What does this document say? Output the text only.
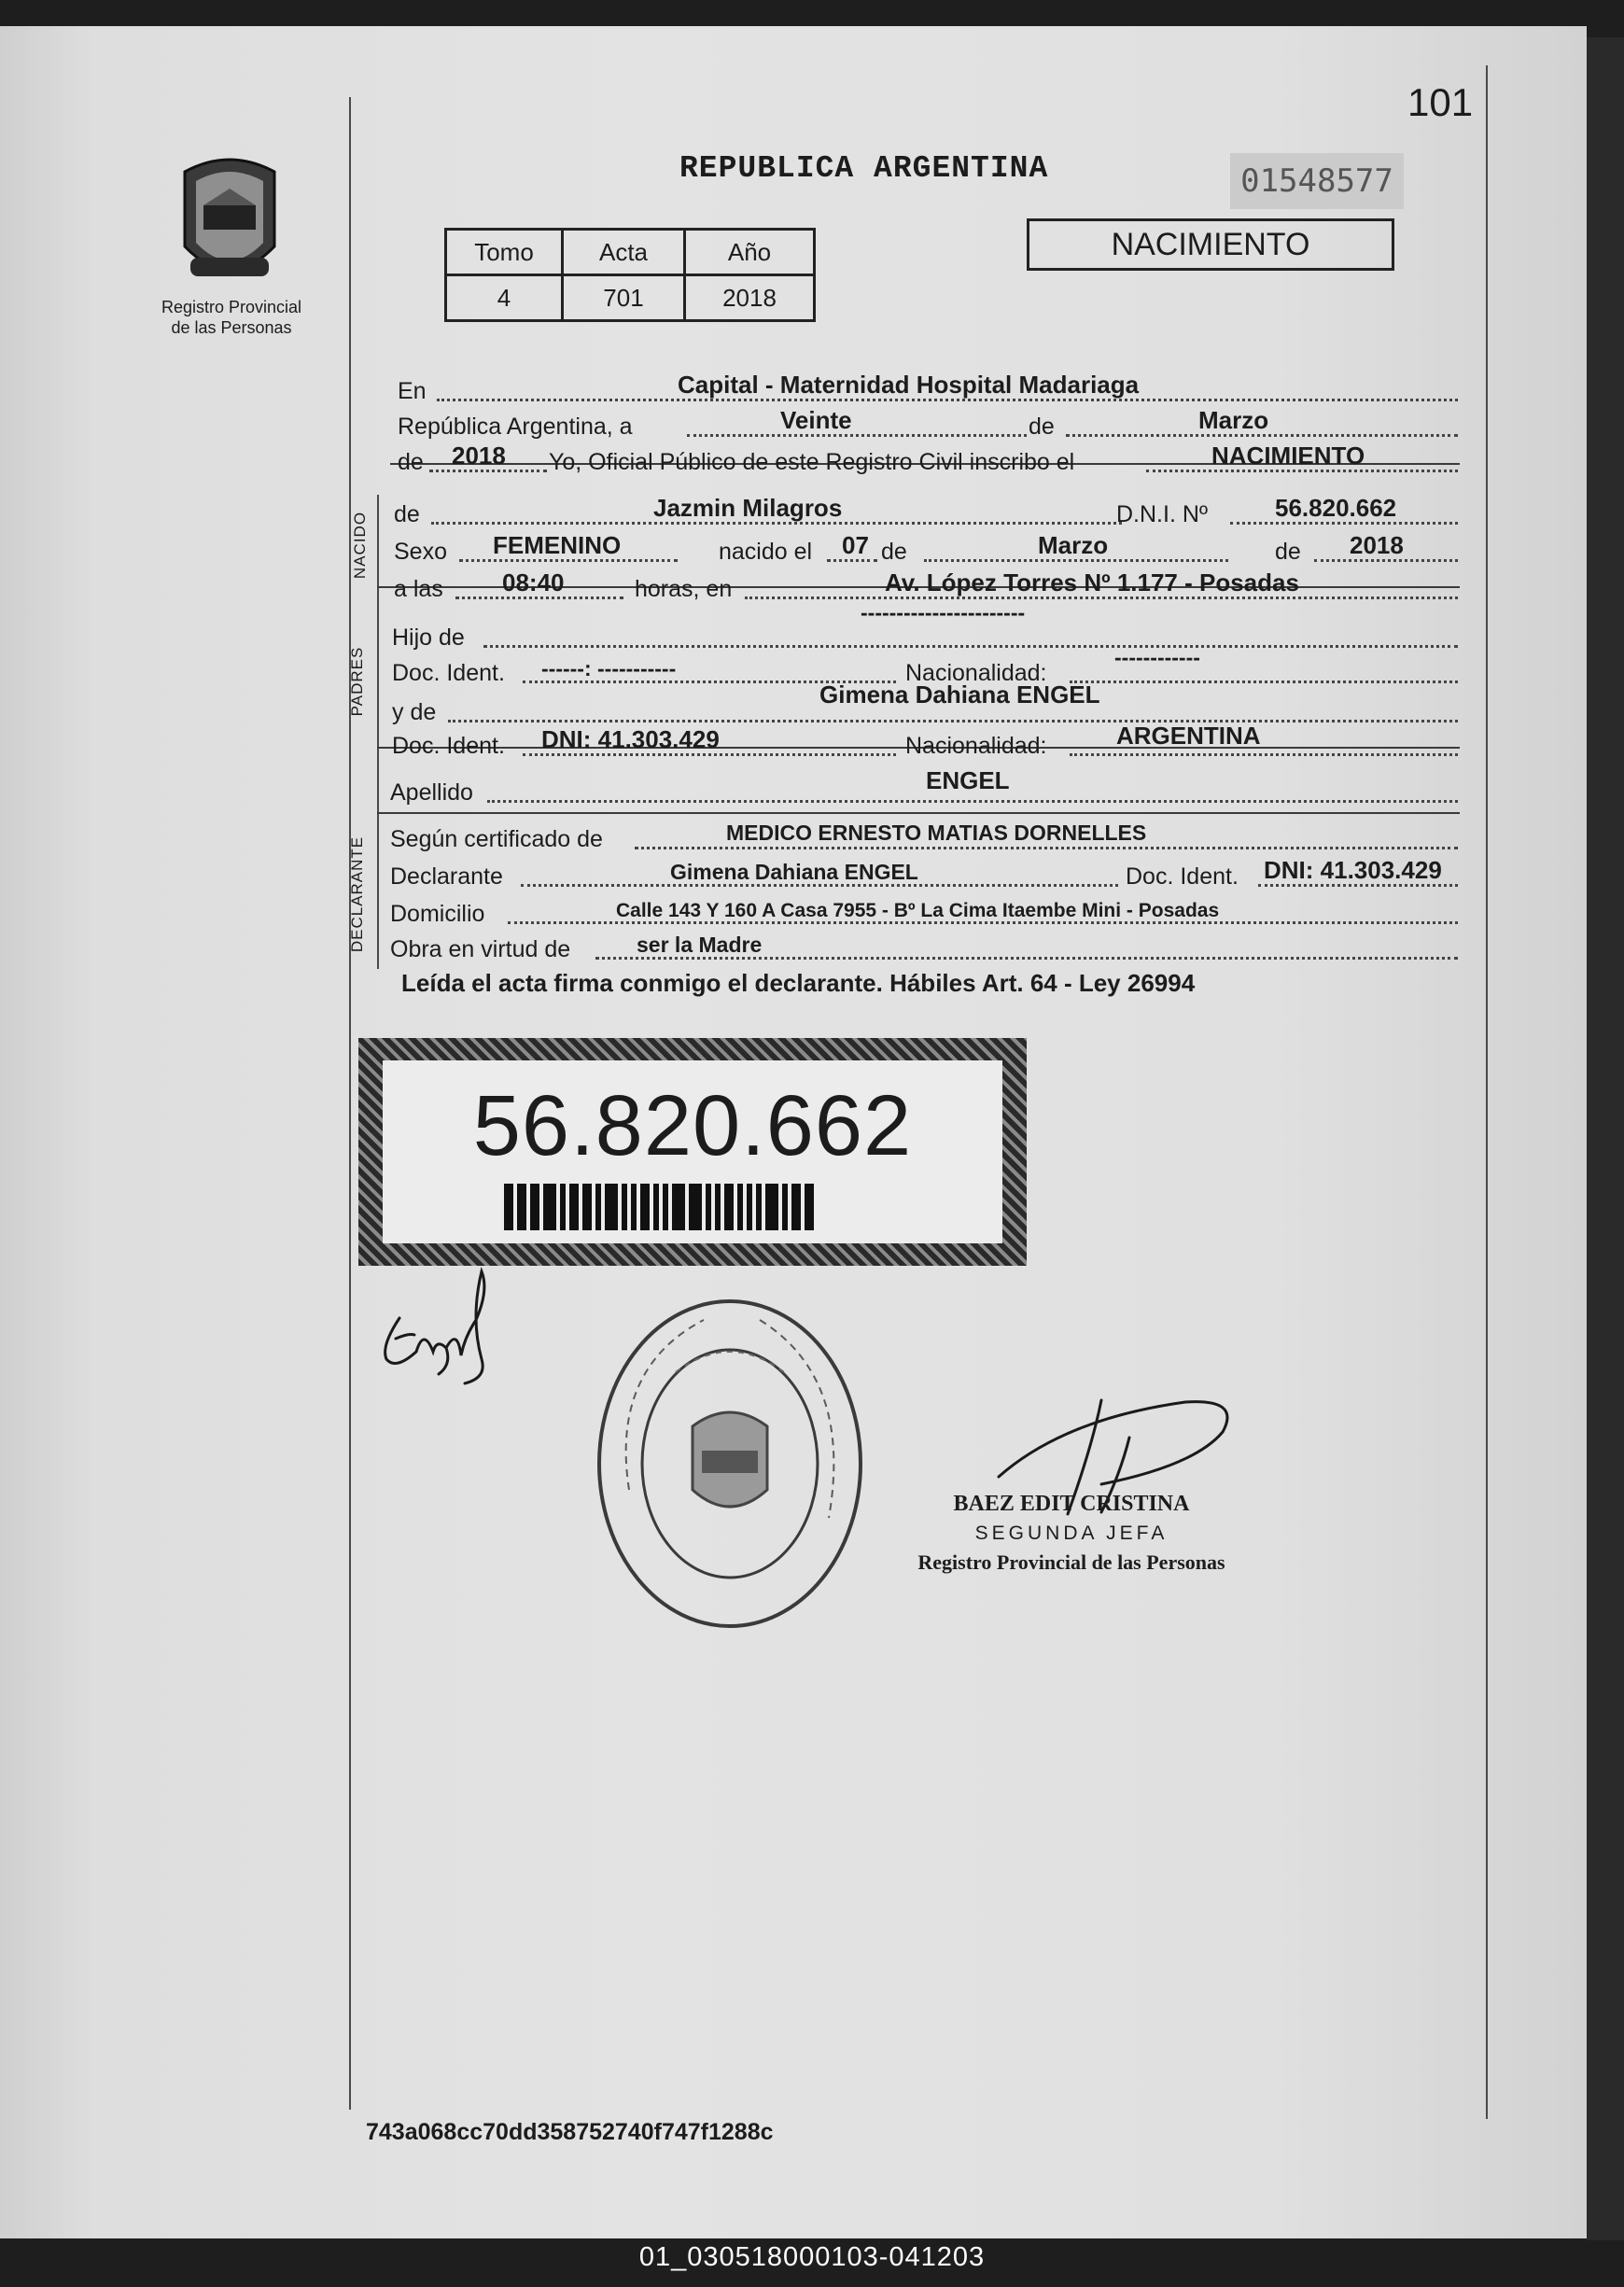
101
Registro Provincial
de las Personas
REPUBLICA ARGENTINA	01548577
NACIMIENTO
Tomo	Acta	Año
4	701	2018
NACIDO
PADRES
DECLARANTE
En	Capital - Maternidad Hospital Madariaga
República Argentina, a	Veinte	de	Marzo
de 2018 Yo, Oficial Público de este Registro Civil inscribo el	NACIMIENTO
de	Jazmin Milagros	D.N.I. Nº	56.820.662
Sexo FEMENINO	nacido el 07 de	Marzo	de 2018
a las 08:40	horas, en	Av. López Torres Nº 1.177 - Posadas
Hijo de
-----------------------
Doc. Ident. ------: -----------	Nacionalidad:
------------
y de
Gimena Dahiana ENGEL
Doc. Ident. DNI: 41.303.429	Nacionalidad:	ARGENTINA
Apellido	ENGEL
Según certificado de	MEDICO ERNESTO MATIAS DORNELLES
Declarante	Gimena Dahiana ENGEL	Doc. Ident. DNI: 41.303.429
Domicilio	Calle 143 Y 160 A Casa 7955 - Bº La Cima Itaembe Mini - Posadas
Obra en virtud de	ser la Madre
Leída el acta firma conmigo el declarante. Hábiles Art. 64 - Ley 26994
56.820.662
BAEZ EDIT CRISTINA
SEGUNDA JEFA
Registro Provincial de las Personas
743a068cc70dd358752740f747f1288c
01_030518000103-041203
